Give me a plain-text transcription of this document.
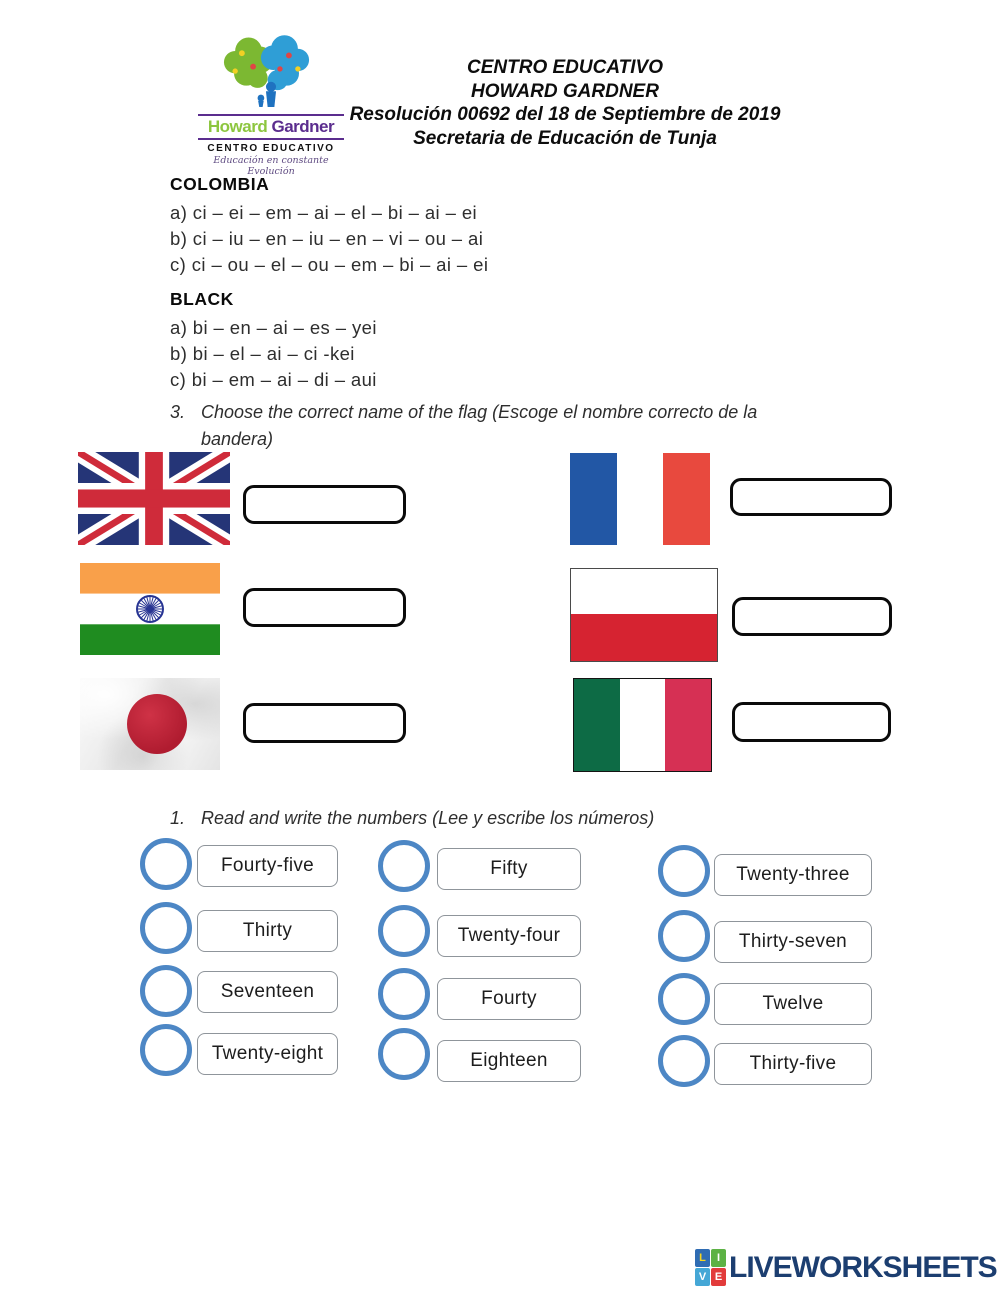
Howard Gardner
CENTRO EDUCATIVO
Educación en constante Evolución
CENTRO EDUCATIVO
HOWARD GARDNER
Resolución 00692 del 18 de Septiembre de 2019
Secretaria de Educación de Tunja
COLOMBIA
a) ci – ei – em – ai – el – bi – ai – ei
b) ci – iu – en – iu – en – vi – ou – ai
c) ci – ou – el – ou – em – bi – ai – ei
BLACK
a) bi – en – ai – es – yei
b) bi – el – ai – ci -kei
c) bi – em – ai – di – aui
3. Choose the correct name of the flag (Escoge el nombre correcto de la bandera)
1. Read and write the numbers (Lee y escribe los números)
Fourty-five
Thirty
Seventeen
Twenty-eight
Fifty
Twenty-four
Fourty
Eighteen
Twenty-three
Thirty-seven
Twelve
Thirty-five
L	I
V E LIVEWORKSHEETS
